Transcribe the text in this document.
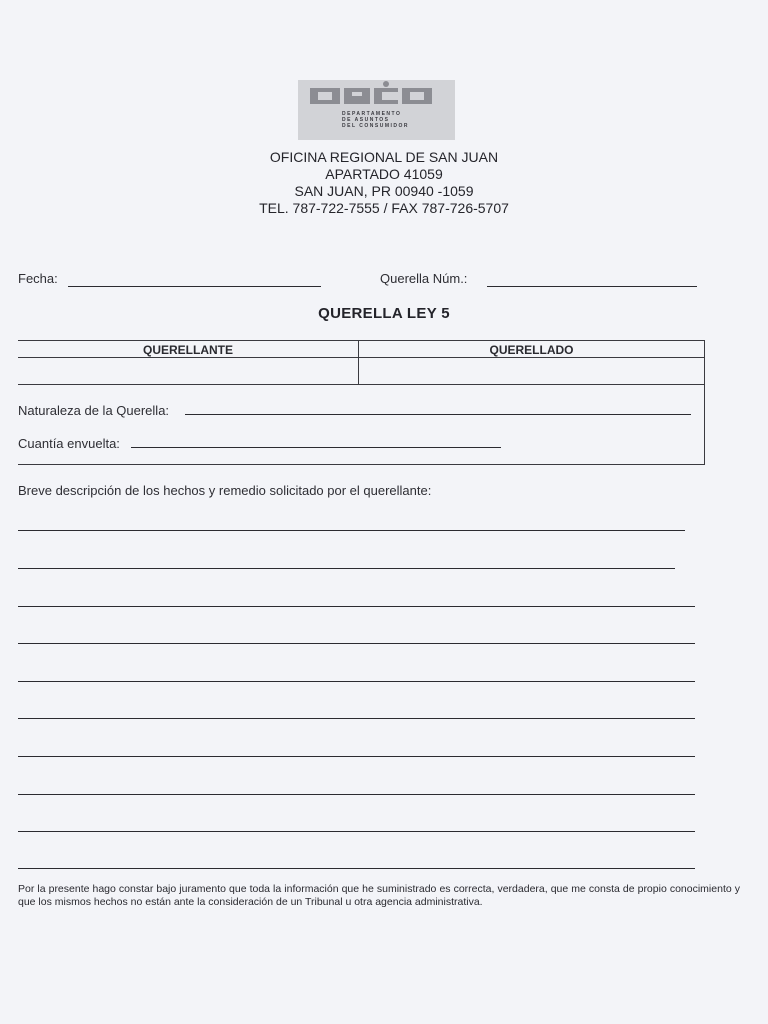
DEPARTAMENTO
DE ASUNTOS
DEL CONSUMIDOR
OFICINA REGIONAL DE SAN JUAN
APARTADO 41059
SAN JUAN, PR 00940 -1059
TEL. 787-722-7555 / FAX 787-726-5707
Fecha:	Querella Núm.:
QUERELLA LEY 5
QUERELLANTE	QUERELLADO
Naturaleza de la Querella:
Cuantía envuelta:
Breve descripción de los hechos y remedio solicitado por el querellante:
Por la presente hago constar bajo juramento que toda la información que he suministrado es correcta, verdadera, que me consta de propio conocimiento y que los mismos hechos no están ante la consideración de un Tribunal u otra agencia administrativa.
